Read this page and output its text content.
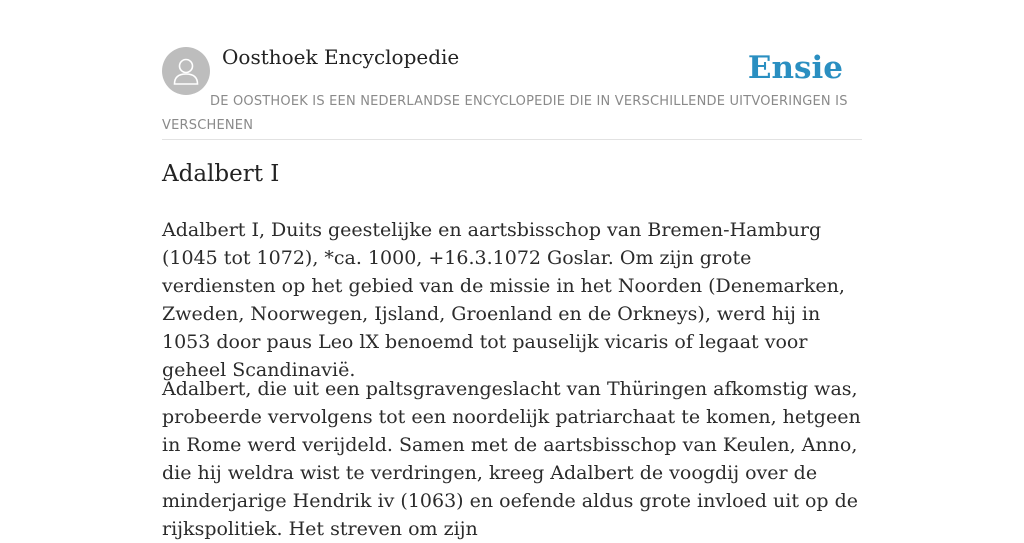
Oosthoek Encyclopedie	Ensie
DE OOSTHOEK IS EEN NEDERLANDSE ENCYCLOPEDIE DIE IN VERSCHILLENDE UITVOERINGEN IS VERSCHENEN
Adalbert I

Adalbert I, Duits geestelijke en aartsbisschop van Bremen-Hamburg (1045 tot 1072), *ca. 1000, +16.3.1072 Goslar. Om zijn grote verdiensten op het gebied van de missie in het Noorden (Denemarken, Zweden, Noorwegen, Ijsland, Groenland en de Orkneys), werd hij in 1053 door paus Leo lX benoemd tot pauselijk vicaris of legaat voor geheel Scandinavië.

Adalbert, die uit een paltsgravengeslacht van Thüringen afkomstig was, probeerde vervolgens tot een noordelijk patriarchaat te komen, hetgeen in Rome werd verijdeld. Samen met de aartsbisschop van Keulen, Anno, die hij weldra wist te verdringen, kreeg Adalbert de voogdij over de minderjarige Hendrik iv (1063) en oefende aldus grote invloed uit op de rijkspolitiek. Het streven om zijn
